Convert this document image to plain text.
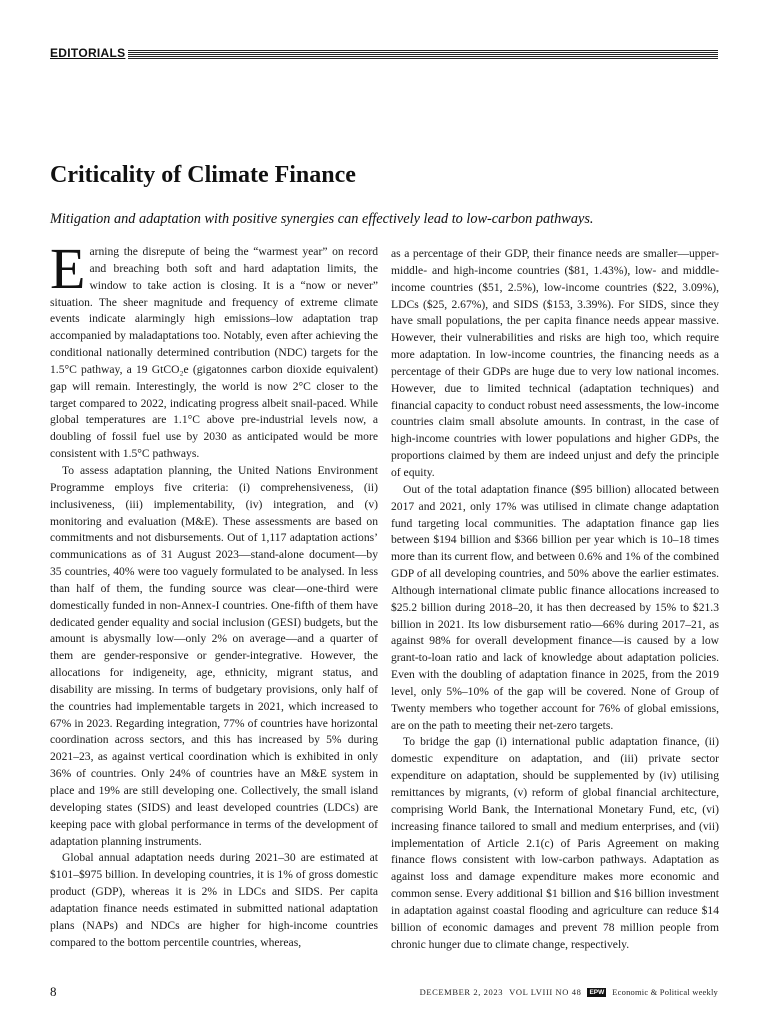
EDITORIALS
Criticality of Climate Finance
Mitigation and adaptation with positive synergies can effectively lead to low-carbon pathways.

Earning the disrepute of being the “warmest year” on record and breaching both soft and hard adaptation limits, the window to take action is closing. It is a “now or never” situation. The sheer magnitude and frequency of extreme climate events indicate alarmingly high emissions–low adaptation trap accompanied by maladaptations too. Notably, even after achieving the conditional nationally determined contribution (NDC) targets for the 1.5°C pathway, a 19 GtCO₂e (gigatonnes carbon dioxide equivalent) gap will remain. Interestingly, the world is now 2°C closer to the target compared to 2022, indicating progress albeit snail-paced. While global temperatures are 1.1°C above pre-industrial levels now, a doubling of fossil fuel use by 2030 as anticipated would be more consistent with 1.5°C pathways.

To assess adaptation planning, the United Nations Environment Programme employs five criteria: (i) comprehensiveness, (ii) inclusiveness, (iii) implementability, (iv) integration, and (v) monitoring and evaluation (M&E). These assessments are based on commitments and not disbursements. Out of 1,117 adaptation actions’ communications as of 31 August 2023—stand-alone document—by 35 countries, 40% were too vaguely formulated to be analysed. In less than half of them, the funding source was clear—one-third were domestically funded in non-Annex-I countries. One-fifth of them have dedicated gender equality and social inclusion (GESI) budgets, but the amount is abysmally low—only 2% on average—and a quarter of them are gender-responsive or gender-integrative. However, the allocations for indigeneity, age, ethnicity, migrant status, and disability are missing. In terms of budgetary provisions, only half of the countries had implementable targets in 2021, which increased to 67% in 2023. Regarding integration, 77% of countries have horizontal coordination across sectors, and this has increased by 5% during 2021–23, as against vertical coordination which is exhibited in only 36% of countries. Only 24% of countries have an M&E system in place and 19% are still developing one. Collectively, the small island developing states (SIDS) and least developed countries (LDCs) are keeping pace with global performance in terms of the development of adaptation planning instruments.

Global annual adaptation needs during 2021–30 are estimated at $101–$975 billion. In developing countries, it is 1% of gross domestic product (GDP), whereas it is 2% in LDCs and SIDS. Per capita adaptation finance needs estimated in submitted national adaptation plans (NAPs) and NDCs are higher for high-income countries compared to the bottom percentile countries, whereas,

as a percentage of their GDP, their finance needs are smaller—upper-middle- and high-income countries ($81, 1.43%), low- and middle-income countries ($51, 2.5%), low-income countries ($22, 3.09%), LDCs ($25, 2.67%), and SIDS ($153, 3.39%). For SIDS, since they have small populations, the per capita finance needs appear massive. However, their vulnerabilities and risks are high too, which require more adaptation. In low-income countries, the financing needs as a percentage of their GDPs are huge due to very low national incomes. However, due to limited technical (adaptation techniques) and financial capacity to conduct robust need assessments, the low-income countries claim small absolute amounts. In contrast, in the case of high-income countries with lower populations and higher GDPs, the proportions claimed by them are indeed unjust and defy the principle of equity.

Out of the total adaptation finance ($95 billion) allocated between 2017 and 2021, only 17% was utilised in climate change adaptation fund targeting local communities. The adaptation finance gap lies between $194 billion and $366 billion per year which is 10–18 times more than its current flow, and between 0.6% and 1% of the combined GDP of all developing countries, and 50% above the earlier estimates. Although international climate public finance allocations increased to $25.2 billion during 2018–20, it has then decreased by 15% to $21.3 billion in 2021. Its low disbursement ratio—66% during 2017–21, as against 98% for overall development finance—is caused by a low grant-to-loan ratio and lack of knowledge about adaptation policies. Even with the doubling of adaptation finance in 2025, from the 2019 level, only 5%–10% of the gap will be covered. None of Group of Twenty members who together account for 76% of global emissions, are on the path to meeting their net-zero targets.

To bridge the gap (i) international public adaptation finance, (ii) domestic expenditure on adaptation, and (iii) private sector expenditure on adaptation, should be supplemented by (iv) utilising remittances by migrants, (v) reform of global financial architecture, comprising World Bank, the International Monetary Fund, etc, (vi) increasing finance tailored to small and medium enterprises, and (vii) implementation of Article 2.1(c) of Paris Agreement on making finance flows consistent with low-carbon pathways. Adaptation as against loss and damage expenditure makes more economic and common sense. Every additional $1 billion and $16 billion investment in adaptation against coastal flooding and agriculture can reduce $14 billion of economic damages and prevent 78 million people from chronic hunger due to climate change, respectively.

8	DECEMBER 2, 2023 VOL LVIII NO 48	EPW Economic & Political weekly
